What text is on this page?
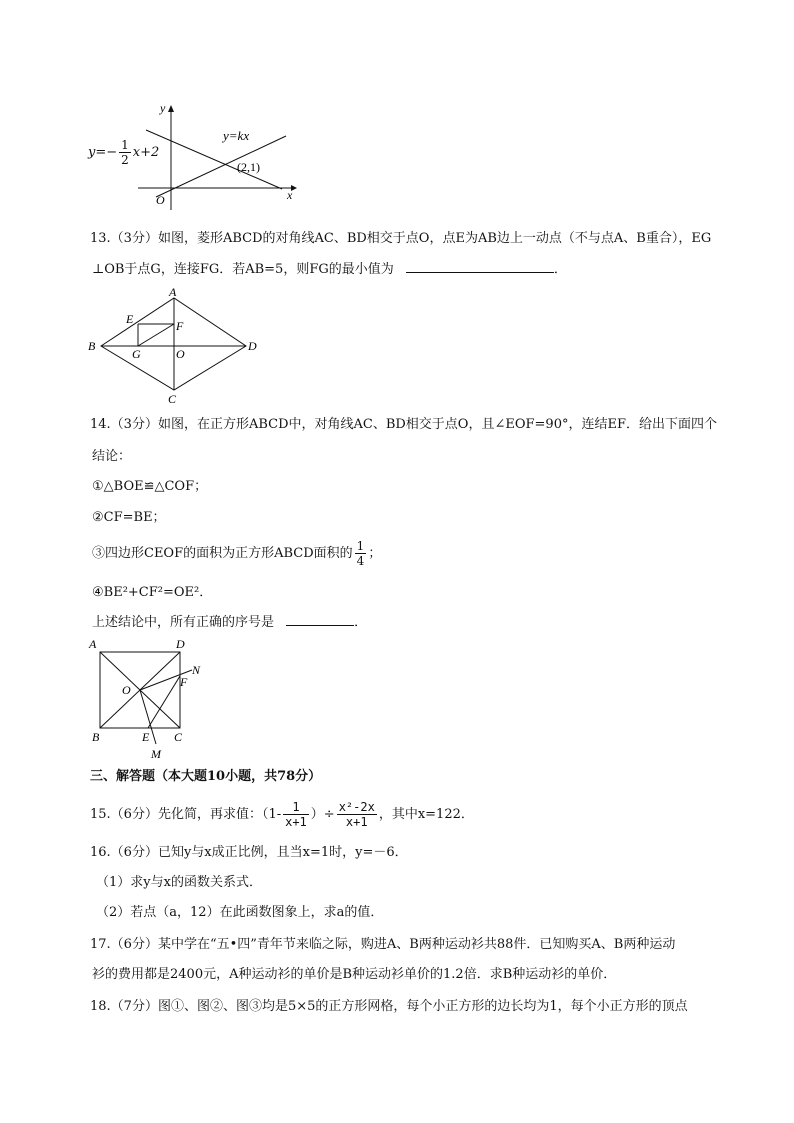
y
x
O
y=kx
(2,1)
$y=- \frac{1}{2} x+2$
13.（3分）如图，菱形ABCD的对角线AC、BD相交于点O，点E为AB边上一动点（不与点A、B重合），EG
⊥OB于点G，连接FG．若AB=5，则FG的最小值为	．
A
B
C
D
E	F
G	O
14.（3分）如图，在正方形ABCD中，对角线AC、BD相交于点O，且∠EOF=90°，连结EF．给出下面四个
结论：
①△BOE≌△COF；
②CF=BE；
③四边形CEOF的面积为正方形ABCD面积的 $\frac{1}{4}$ ；
④BE²+CF²=OE²．
上述结论中，所有正确的序号是	．
A	D
B	C
E
F
N
M
O
三、解答题（本大题10小题，共78分）
15.（6分）先化简，再求值：（$1- \frac{1}{x+1}$ ）÷ $\frac{\text{x²-2x}}{x+1}$ ，其中x=122．
16.（6分）已知y与x成正比例，且当x=1时，y=－6．
（1）求y与x的函数关系式．
（2）若点（a，12）在此函数图象上，求a的值．
17.（6分）某中学在“五•四”青年节来临之际，购进A、B两种运动衫共88件．已知购买A、B两种运动
衫的费用都是2400元，A种运动衫的单价是B种运动衫单价的1.2倍．求B种运动衫的单价．
18.（7分）图①、图②、图③均是5×5的正方形网格，每个小正方形的边长均为1，每个小正方形的顶点
